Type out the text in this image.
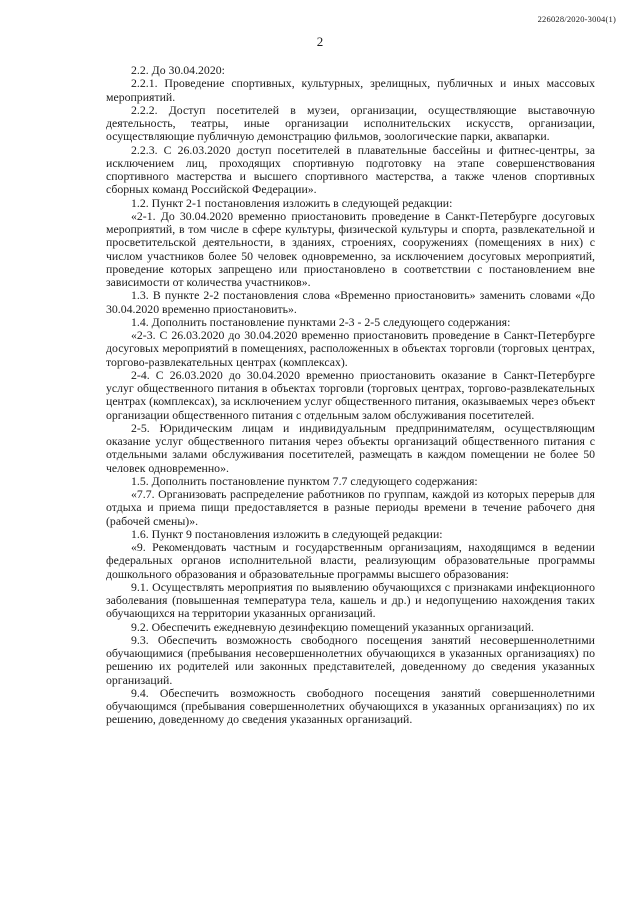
226028/2020-3004(1)
2

2.2. До 30.04.2020:

2.2.1. Проведение спортивных, культурных, зрелищных, публичных и иных массовых мероприятий.

2.2.2. Доступ посетителей в музеи, организации, осуществляющие выставочную деятельность, театры, иные организации исполнительских искусств, организации, осуществляющие публичную демонстрацию фильмов, зоологические парки, аквапарки.

2.2.3. С 26.03.2020 доступ посетителей в плавательные бассейны и фитнес-центры, за исключением лиц, проходящих спортивную подготовку на этапе совершенствования спортивного мастерства и высшего спортивного мастерства, а также членов спортивных сборных команд Российской Федерации».

1.2. Пункт 2-1 постановления изложить в следующей редакции:

«2-1. До 30.04.2020 временно приостановить проведение в Санкт-Петербурге досуговых мероприятий, в том числе в сфере культуры, физической культуры и спорта, развлекательной и просветительской деятельности, в зданиях, строениях, сооружениях (помещениях в них) с числом участников более 50 человек одновременно, за исключением досуговых мероприятий, проведение которых запрещено или приостановлено в соответствии с постановлением вне зависимости от количества участников».

1.3. В пункте 2-2 постановления слова «Временно приостановить» заменить словами «До 30.04.2020 временно приостановить».

1.4. Дополнить постановление пунктами 2-3 - 2-5 следующего содержания:

«2-3. С 26.03.2020 до 30.04.2020 временно приостановить проведение в Санкт-Петербурге досуговых мероприятий в помещениях, расположенных в объектах торговли (торговых центрах, торгово-развлекательных центрах (комплексах).

2-4. С 26.03.2020 до 30.04.2020 временно приостановить оказание в Санкт-Петербурге услуг общественного питания в объектах торговли (торговых центрах, торгово-развлекательных центрах (комплексах), за исключением услуг общественного питания, оказываемых через объект организации общественного питания с отдельным залом обслуживания посетителей.

2-5. Юридическим лицам и индивидуальным предпринимателям, осуществляющим оказание услуг общественного питания через объекты организаций общественного питания с отдельными залами обслуживания посетителей, размещать в каждом помещении не более 50 человек одновременно».

1.5. Дополнить постановление пунктом 7.7 следующего содержания:

«7.7. Организовать распределение работников по группам, каждой из которых перерыв для отдыха и приема пищи предоставляется в разные периоды времени в течение рабочего дня (рабочей смены)».

1.6. Пункт 9 постановления изложить в следующей редакции:

«9. Рекомендовать частным и государственным организациям, находящимся в ведении федеральных органов исполнительной власти, реализующим образовательные программы дошкольного образования и образовательные программы высшего образования:

9.1. Осуществлять мероприятия по выявлению обучающихся с признаками инфекционного заболевания (повышенная температура тела, кашель и др.) и недопущению нахождения таких обучающихся на территории указанных организаций.

9.2. Обеспечить ежедневную дезинфекцию помещений указанных организаций.

9.3. Обеспечить возможность свободного посещения занятий несовершеннолетними обучающимися (пребывания несовершеннолетних обучающихся в указанных организациях) по решению их родителей или законных представителей, доведенному до сведения указанных организаций.

9.4. Обеспечить возможность свободного посещения занятий совершеннолетними обучающимся (пребывания совершеннолетних обучающихся в указанных организациях) по их решению, доведенному до сведения указанных организаций.
